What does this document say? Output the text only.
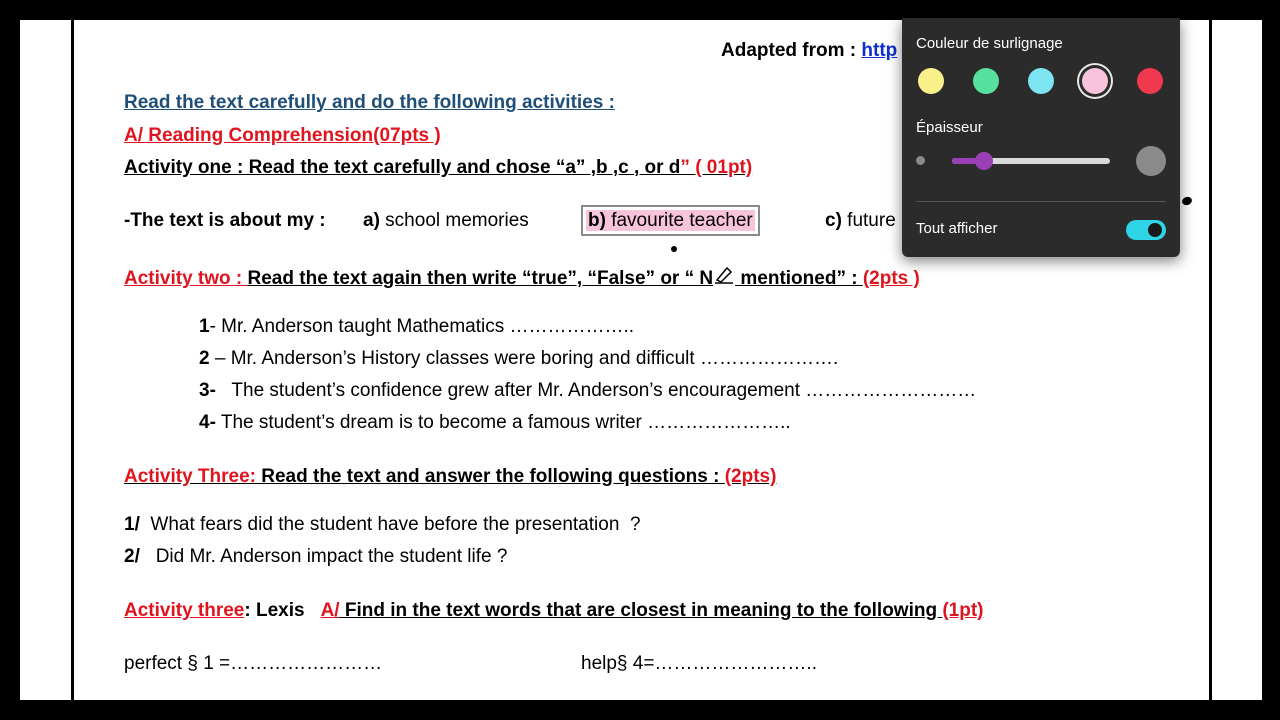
Adapted from : http
Read the text carefully and do the following activities :
A/ Reading Comprehension(07pts )
Activity one : Read the text carefully and chose “a” ,b ,c , or d” ( 01pt)
-The text is about my : a) school memories	b) favourite teacher	c) future
Activity two : Read the text again then write “true”, “False” or “ N mentioned” : (2pts )
1- Mr. Anderson taught Mathematics ………………..
2 – Mr. Anderson’s History classes were boring and difficult ………………….
3-   The student’s confidence grew after Mr. Anderson’s encouragement ………………………
4- The student’s dream is to become a famous writer …………………..
Activity Three: Read the text and answer the following questions : (2pts)
1/  What fears did the student have before the presentation  ?
2/   Did Mr. Anderson impact the student life ?
Activity three: Lexis A/ Find in the text words that are closest in meaning to the following (1pt)
perfect § 1 =……………………	help§ 4=……………………..
Couleur de surlignage
Épaisseur
Tout afficher
